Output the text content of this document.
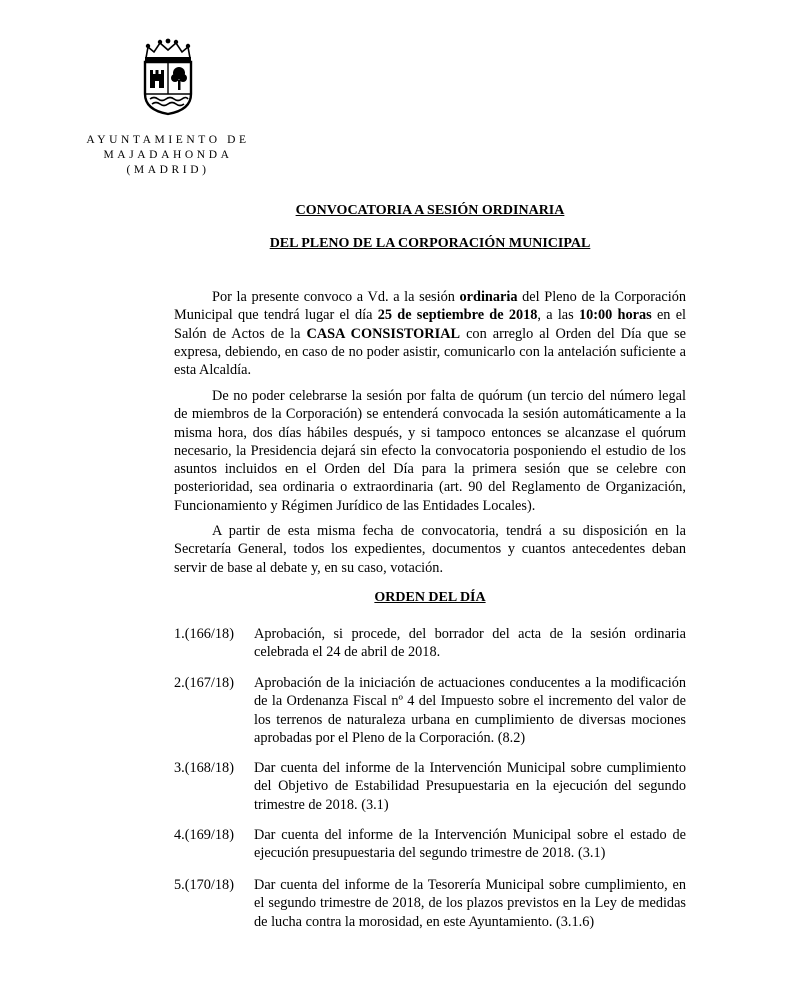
AYUNTAMIENTO DE
MAJADAHONDA
(MADRID)
CONVOCATORIA A SESIÓN ORDINARIA
DEL PLENO DE LA CORPORACIÓN MUNICIPAL

Por la presente convoco a Vd. a la sesión ordinaria del Pleno de la Corporación Municipal que tendrá lugar el día 25 de septiembre de 2018, a las 10:00 horas en el Salón de Actos de la CASA CONSISTORIAL con arreglo al Orden del Día que se expresa, debiendo, en caso de no poder asistir, comunicarlo con la antelación suficiente a esta Alcaldía.

De no poder celebrarse la sesión por falta de quórum (un tercio del número legal de miembros de la Corporación) se entenderá convocada la sesión automáticamente a la misma hora, dos días hábiles después, y si tampoco entonces se alcanzase el quórum necesario, la Presidencia dejará sin efecto la convocatoria posponiendo el estudio de los asuntos incluidos en el Orden del Día para la primera sesión que se celebre con posterioridad, sea ordinaria o extraordinaria (art. 90 del Reglamento de Organización, Funcionamiento y Régimen Jurídico de las Entidades Locales).

A partir de esta misma fecha de convocatoria, tendrá a su disposición en la Secretaría General, todos los expedientes, documentos y cuantos antecedentes deban servir de base al debate y, en su caso, votación.

ORDEN DEL DÍA
1.(166/18) Aprobación, si procede, del borrador del acta de la sesión ordinaria celebrada el 24 de abril de 2018.
2.(167/18) Aprobación de la iniciación de actuaciones conducentes a la modificación de la Ordenanza Fiscal nº 4 del Impuesto sobre el incremento del valor de los terrenos de naturaleza urbana en cumplimiento de diversas mociones aprobadas por el Pleno de la Corporación. (8.2)
3.(168/18) Dar cuenta del informe de la Intervención Municipal sobre cumplimiento del Objetivo de Estabilidad Presupuestaria en la ejecución del segundo trimestre de 2018. (3.1)
4.(169/18) Dar cuenta del informe de la Intervención Municipal sobre el estado de ejecución presupuestaria del segundo trimestre de 2018. (3.1)
5.(170/18) Dar cuenta del informe de la Tesorería Municipal sobre cumplimiento, en el segundo trimestre de 2018, de los plazos previstos en la Ley de medidas de lucha contra la morosidad, en este Ayuntamiento. (3.1.6)
